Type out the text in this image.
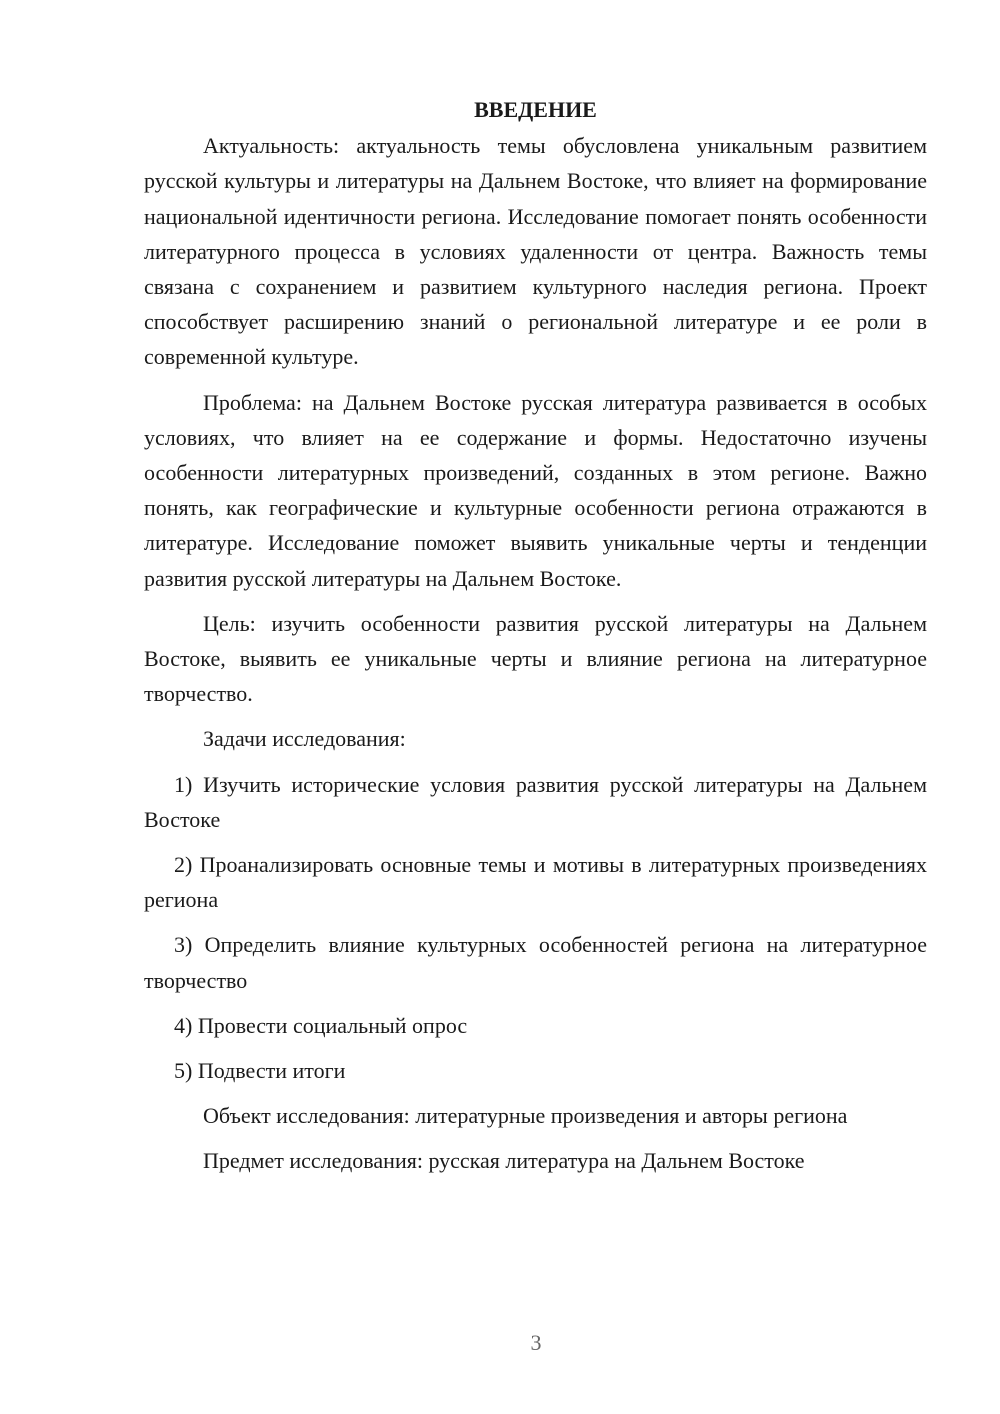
ВВЕДЕНИЕ

Актуальность: актуальность темы обусловлена уникальным развитием русской культуры и литературы на Дальнем Востоке, что влияет на формирование национальной идентичности региона. Исследование помогает понять особенности литературного процесса в условиях удаленности от центра. Важность темы связана с сохранением и развитием культурного наследия региона. Проект способствует расширению знаний о региональной литературе и ее роли в современной культуре.

Проблема: на Дальнем Востоке русская литература развивается в особых условиях, что влияет на ее содержание и формы. Недостаточно изучены особенности литературных произведений, созданных в этом регионе. Важно понять, как географические и культурные особенности региона отражаются в литературе. Исследование поможет выявить уникальные черты и тенденции развития русской литературы на Дальнем Востоке.

Цель: изучить особенности развития русской литературы на Дальнем Востоке, выявить ее уникальные черты и влияние региона на литературное творчество.

Задачи исследования:

1) Изучить исторические условия развития русской литературы на Дальнем Востоке

2) Проанализировать основные темы и мотивы в литературных произведениях региона

3) Определить влияние культурных особенностей региона на литературное творчество

4) Провести социальный опрос

5) Подвести итоги

Объект исследования: литературные произведения и авторы региона

Предмет исследования: русская литература на Дальнем Востоке

3
